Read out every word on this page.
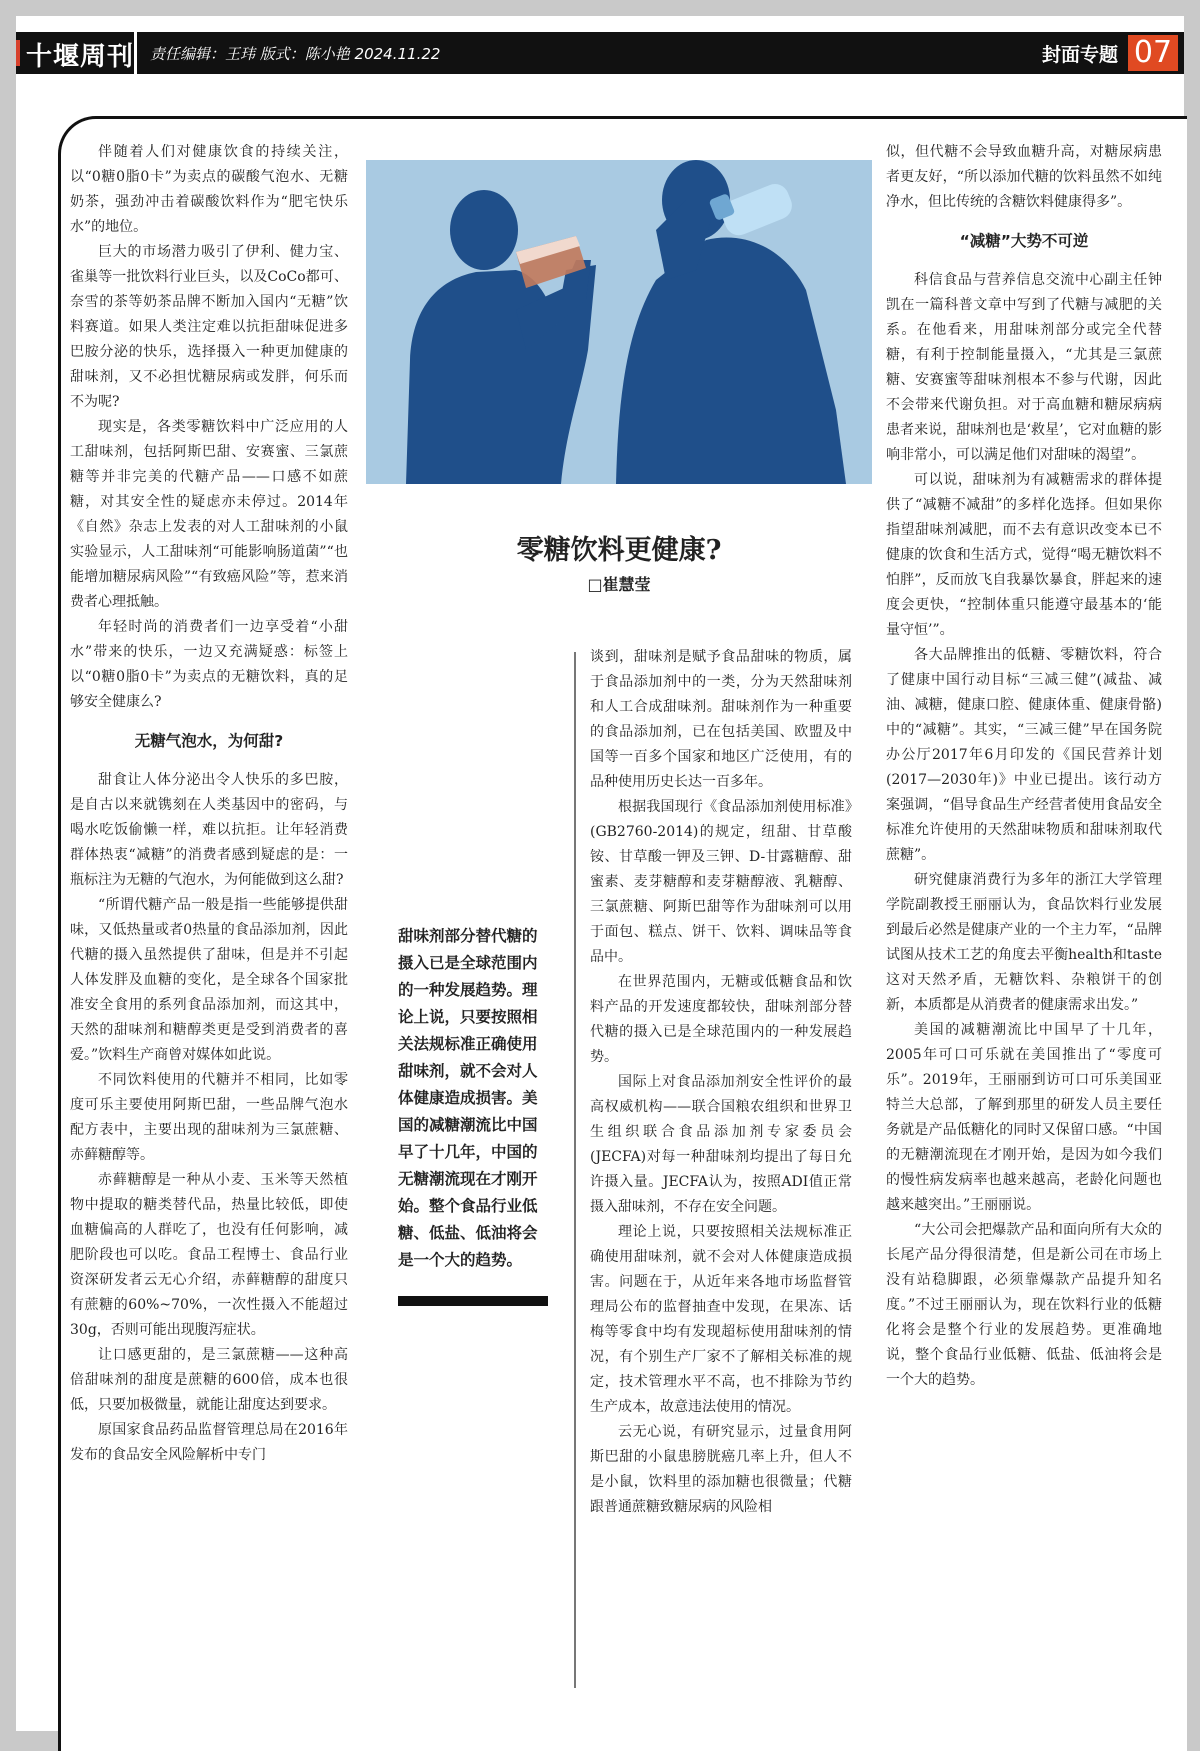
十堰周刊 责任编辑：王玮 版式：陈小艳 2024.11.22	封面专题 07

伴随着人们对健康饮食的持续关注，以“0糖0脂0卡”为卖点的碳酸气泡水、无糖奶茶，强劲冲击着碳酸饮料作为“肥宅快乐水”的地位。

巨大的市场潜力吸引了伊利、健力宝、雀巢等一批饮料行业巨头，以及CoCo都可、奈雪的茶等奶茶品牌不断加入国内“无糖”饮料赛道。如果人类注定难以抗拒甜味促进多巴胺分泌的快乐，选择摄入一种更加健康的甜味剂，又不必担忧糖尿病或发胖，何乐而不为呢?

现实是，各类零糖饮料中广泛应用的人工甜味剂，包括阿斯巴甜、安赛蜜、三氯蔗糖等并非完美的代糖产品——口感不如蔗糖，对其安全性的疑虑亦未停过。2014年《自然》杂志上发表的对人工甜味剂的小鼠实验显示，人工甜味剂“可能影响肠道菌”“也能增加糖尿病风险”“有致癌风险”等，惹来消费者心理抵触。

年轻时尚的消费者们一边享受着“小甜水”带来的快乐，一边又充满疑惑：标签上以“0糖0脂0卡”为卖点的无糖饮料，真的足够安全健康么?

无糖气泡水，为何甜?

甜食让人体分泌出令人快乐的多巴胺，是自古以来就镌刻在人类基因中的密码，与喝水吃饭偷懒一样，难以抗拒。让年轻消费群体热衷“减糖”的消费者感到疑虑的是：一瓶标注为无糖的气泡水，为何能做到这么甜?

“所谓代糖产品一般是指一些能够提供甜味，又低热量或者0热量的食品添加剂，因此代糖的摄入虽然提供了甜味，但是并不引起人体发胖及血糖的变化，是全球各个国家批准安全食用的系列食品添加剂，而这其中，天然的甜味剂和糖醇类更是受到消费者的喜爱。”饮料生产商曾对媒体如此说。

不同饮料使用的代糖并不相同，比如零度可乐主要使用阿斯巴甜，一些品牌气泡水配方表中，主要出现的甜味剂为三氯蔗糖、赤藓糖醇等。

赤藓糖醇是一种从小麦、玉米等天然植物中提取的糖类替代品，热量比较低，即使血糖偏高的人群吃了，也没有任何影响，减肥阶段也可以吃。食品工程博士、食品行业资深研发者云无心介绍，赤藓糖醇的甜度只有蔗糖的60%~70%，一次性摄入不能超过30g，否则可能出现腹泻症状。

让口感更甜的，是三氯蔗糖——这种高倍甜味剂的甜度是蔗糖的600倍，成本也很低，只要加极微量，就能让甜度达到要求。

原国家食品药品监督管理总局在2016年发布的食品安全风险解析中专门

零糖饮料更健康?
□崔慧莹
甜味剂部分替代糖的摄入已是全球范围内的一种发展趋势。理论上说，只要按照相关法规标准正确使用甜味剂，就不会对人体健康造成损害。美国的减糖潮流比中国早了十几年，中国的无糖潮流现在才刚开始。整个食品行业低糖、低盐、低油将会是一个大的趋势。

谈到，甜味剂是赋予食品甜味的物质，属于食品添加剂中的一类，分为天然甜味剂和人工合成甜味剂。甜味剂作为一种重要的食品添加剂，已在包括美国、欧盟及中国等一百多个国家和地区广泛使用，有的品种使用历史长达一百多年。

根据我国现行《食品添加剂使用标准》(GB2760-2014)的规定，纽甜、甘草酸铵、甘草酸一钾及三钾、D-甘露糖醇、甜蜜素、麦芽糖醇和麦芽糖醇液、乳糖醇、三氯蔗糖、阿斯巴甜等作为甜味剂可以用于面包、糕点、饼干、饮料、调味品等食品中。

在世界范围内，无糖或低糖食品和饮料产品的开发速度都较快，甜味剂部分替代糖的摄入已是全球范围内的一种发展趋势。

国际上对食品添加剂安全性评价的最高权威机构——联合国粮农组织和世界卫生组织联合食品添加剂专家委员会(JECFA)对每一种甜味剂均提出了每日允许摄入量。JECFA认为，按照ADI值正常摄入甜味剂，不存在安全问题。

理论上说，只要按照相关法规标准正确使用甜味剂，就不会对人体健康造成损害。问题在于，从近年来各地市场监督管理局公布的监督抽查中发现，在果冻、话梅等零食中均有发现超标使用甜味剂的情况，有个别生产厂家不了解相关标准的规定，技术管理水平不高，也不排除为节约生产成本，故意违法使用的情况。

云无心说，有研究显示，过量食用阿斯巴甜的小鼠患膀胱癌几率上升，但人不是小鼠，饮料里的添加糖也很微量；代糖跟普通蔗糖致糖尿病的风险相

似，但代糖不会导致血糖升高，对糖尿病患者更友好，“所以添加代糖的饮料虽然不如纯净水，但比传统的含糖饮料健康得多”。

“减糖”大势不可逆

科信食品与营养信息交流中心副主任钟凯在一篇科普文章中写到了代糖与减肥的关系。在他看来，用甜味剂部分或完全代替糖，有利于控制能量摄入，“尤其是三氯蔗糖、安赛蜜等甜味剂根本不参与代谢，因此不会带来代谢负担。对于高血糖和糖尿病病患者来说，甜味剂也是‘救星’，它对血糖的影响非常小，可以满足他们对甜味的渴望”。

可以说，甜味剂为有减糖需求的群体提供了“减糖不减甜”的多样化选择。但如果你指望甜味剂减肥，而不去有意识改变本已不健康的饮食和生活方式，觉得“喝无糖饮料不怕胖”，反而放飞自我暴饮暴食，胖起来的速度会更快，“控制体重只能遵守最基本的‘能量守恒’”。

各大品牌推出的低糖、零糖饮料，符合了健康中国行动目标“三减三健”(减盐、减油、减糖，健康口腔、健康体重、健康骨骼)中的“减糖”。其实，“三减三健”早在国务院办公厅2017年6月印发的《国民营养计划(2017—2030年)》中业已提出。该行动方案强调，“倡导食品生产经营者使用食品安全标准允许使用的天然甜味物质和甜味剂取代蔗糖”。

研究健康消费行为多年的浙江大学管理学院副教授王丽丽认为，食品饮料行业发展到最后必然是健康产业的一个主力军，“品牌试图从技术工艺的角度去平衡health和taste这对天然矛盾，无糖饮料、杂粮饼干的创新，本质都是从消费者的健康需求出发。”

美国的减糖潮流比中国早了十几年，2005年可口可乐就在美国推出了“零度可乐”。2019年，王丽丽到访可口可乐美国亚特兰大总部，了解到那里的研发人员主要任务就是产品低糖化的同时又保留口感。“中国的无糖潮流现在才刚开始，是因为如今我们的慢性病发病率也越来越高，老龄化问题也越来越突出。”王丽丽说。

“大公司会把爆款产品和面向所有大众的长尾产品分得很清楚，但是新公司在市场上没有站稳脚跟，必须靠爆款产品提升知名度。”不过王丽丽认为，现在饮料行业的低糖化将会是整个行业的发展趋势。更准确地说，整个食品行业低糖、低盐、低油将会是一个大的趋势。
